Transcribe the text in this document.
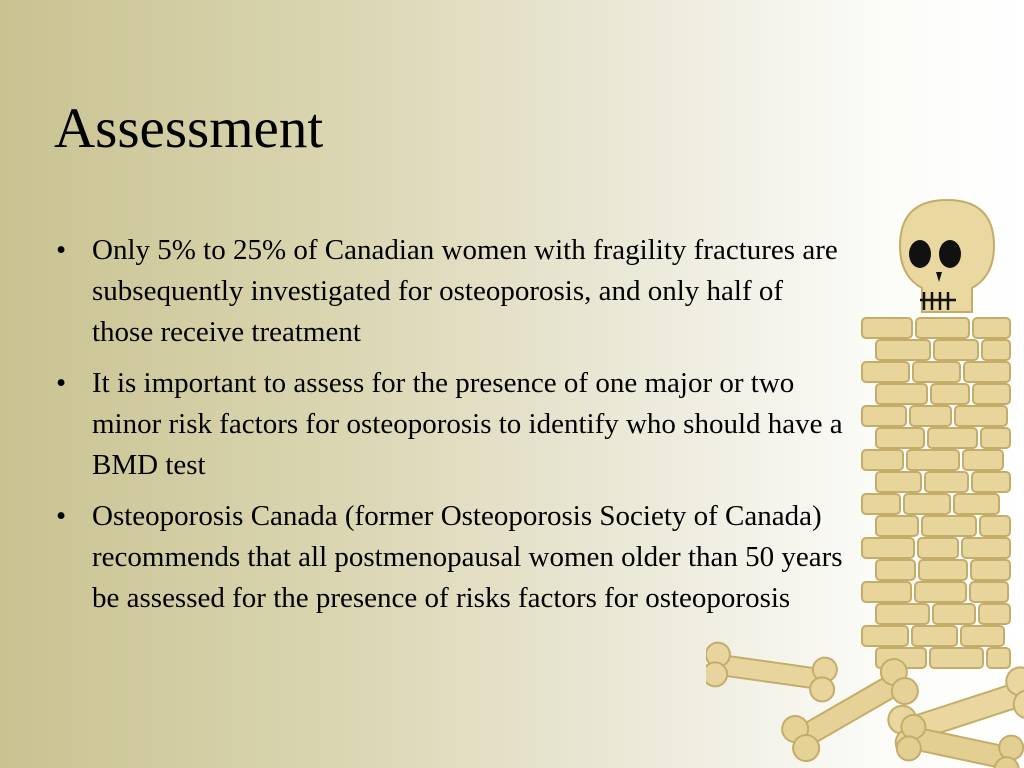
Assessment
• Only 5% to 25% of Canadian women with fragility fractures are subsequently investigated for osteoporosis, and only half of those receive treatment
• It is important to assess for the presence of one major or two minor risk factors for osteoporosis to identify who should have a BMD test
• Osteoporosis Canada (former Osteoporosis Society of Canada) recommends that all postmenopausal women older than 50 years be assessed for the presence of risks factors for osteoporosis
